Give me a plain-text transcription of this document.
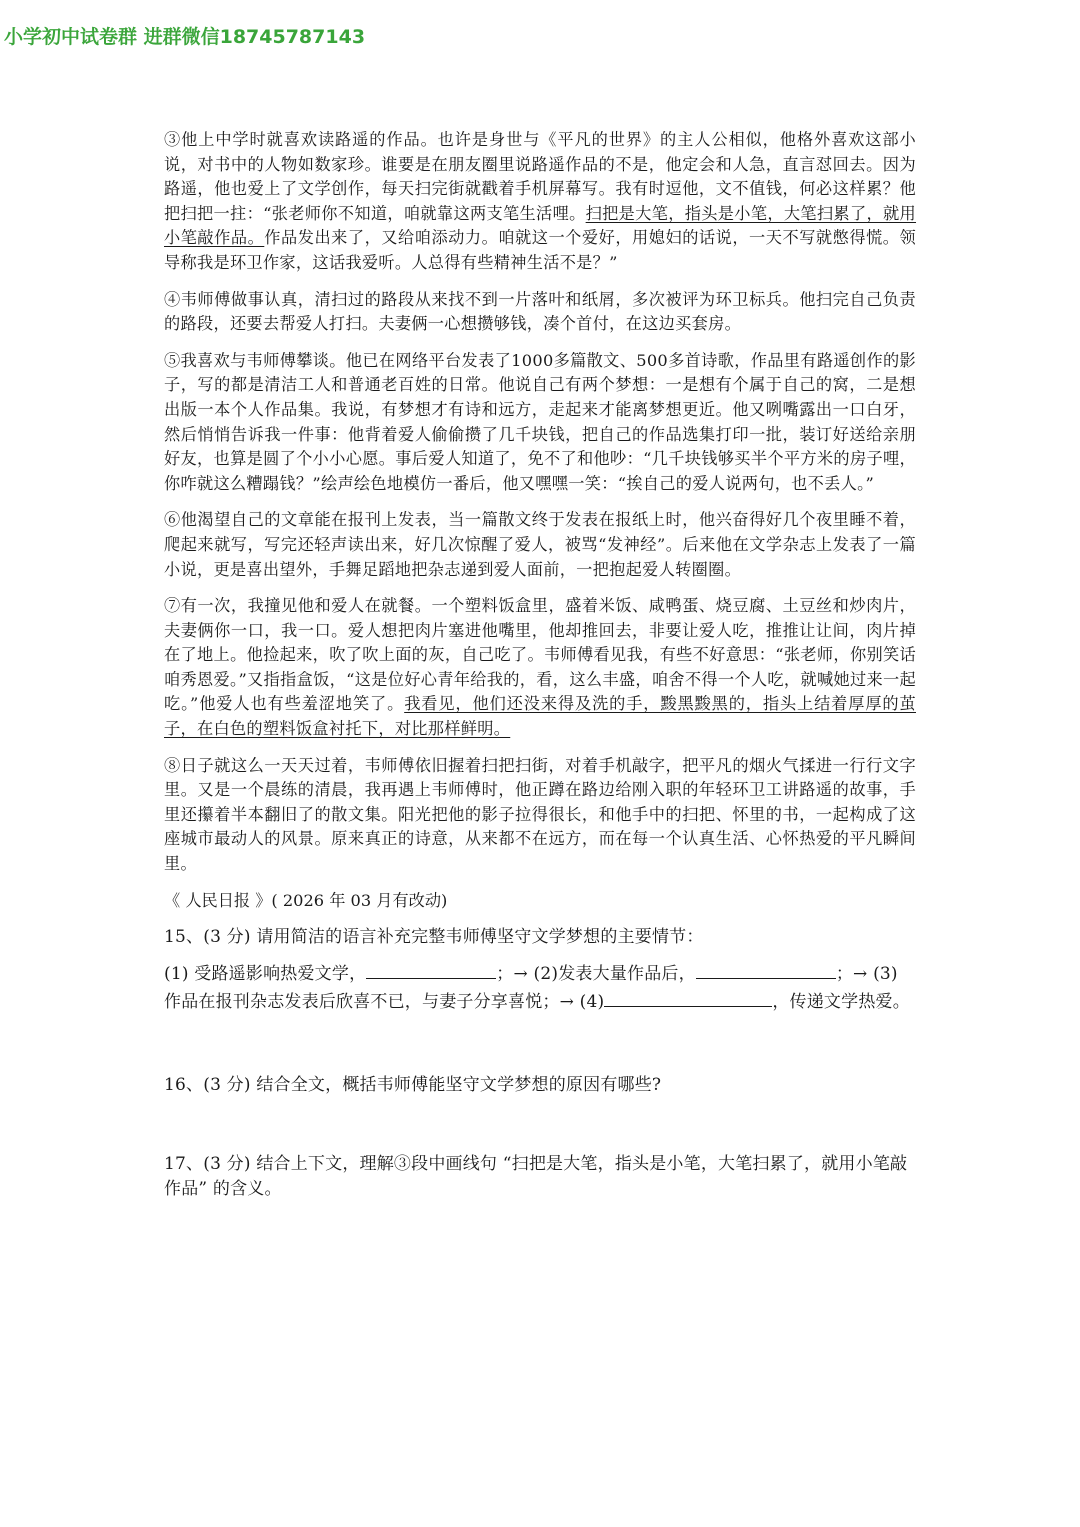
小学初中试卷群 进群微信18745787143

③他上中学时就喜欢读路遥的作品。也许是身世与《平凡的世界》的主人公相似，他格外喜欢这部小说，对书中的人物如数家珍。谁要是在朋友圈里说路遥作品的不是，他定会和人急，直言怼回去。因为路遥，他也爱上了文学创作，每天扫完街就戳着手机屏幕写。我有时逗他，文不值钱，何必这样累？他把扫把一拄：“张老师你不知道，咱就靠这两支笔生活哩。扫把是大笔，指头是小笔，大笔扫累了，就用小笔敲作品。作品发出来了，又给咱添动力。咱就这一个爱好，用媳妇的话说，一天不写就憋得慌。领导称我是环卫作家，这话我爱听。人总得有些精神生活不是？”

④韦师傅做事认真，清扫过的路段从来找不到一片落叶和纸屑，多次被评为环卫标兵。他扫完自己负责的路段，还要去帮爱人打扫。夫妻俩一心想攒够钱，凑个首付，在这边买套房。

⑤我喜欢与韦师傅攀谈。他已在网络平台发表了1000多篇散文、500多首诗歌，作品里有路遥创作的影子，写的都是清洁工人和普通老百姓的日常。他说自己有两个梦想：一是想有个属于自己的窝，二是想出版一本个人作品集。我说，有梦想才有诗和远方，走起来才能离梦想更近。他又咧嘴露出一口白牙，然后悄悄告诉我一件事：他背着爱人偷偷攒了几千块钱，把自己的作品选集打印一批，装订好送给亲朋好友，也算是圆了个小小心愿。事后爱人知道了，免不了和他吵：“几千块钱够买半个平方米的房子哩，你咋就这么糟蹋钱？”绘声绘色地模仿一番后，他又嘿嘿一笑：“挨自己的爱人说两句，也不丢人。”

⑥他渴望自己的文章能在报刊上发表，当一篇散文终于发表在报纸上时，他兴奋得好几个夜里睡不着，爬起来就写，写完还轻声读出来，好几次惊醒了爱人，被骂“发神经”。后来他在文学杂志上发表了一篇小说，更是喜出望外，手舞足蹈地把杂志递到爱人面前，一把抱起爱人转圈圈。

⑦有一次，我撞见他和爱人在就餐。一个塑料饭盒里，盛着米饭、咸鸭蛋、烧豆腐、土豆丝和炒肉片，夫妻俩你一口，我一口。爱人想把肉片塞进他嘴里，他却推回去，非要让爱人吃，推推让让间，肉片掉在了地上。他捡起来，吹了吹上面的灰，自己吃了。韦师傅看见我，有些不好意思：“张老师，你别笑话咱秀恩爱。”又指指盒饭，“这是位好心青年给我的，看，这么丰盛，咱舍不得一个人吃，就喊她过来一起吃。”他爱人也有些羞涩地笑了。我看见，他们还没来得及洗的手，黢黑黢黑的，指头上结着厚厚的茧子，在白色的塑料饭盒衬托下，对比那样鲜明。

⑧日子就这么一天天过着，韦师傅依旧握着扫把扫街，对着手机敲字，把平凡的烟火气揉进一行行文字里。又是一个晨练的清晨，我再遇上韦师傅时，他正蹲在路边给刚入职的年轻环卫工讲路遥的故事，手里还攥着半本翻旧了的散文集。阳光把他的影子拉得很长，和他手中的扫把、怀里的书，一起构成了这座城市最动人的风景。原来真正的诗意，从来都不在远方，而在每一个认真生活、心怀热爱的平凡瞬间里。

《 人民日报 》( 2026 年 03 月有改动)

15、(3 分) 请用简洁的语言补充完整韦师傅坚守文学梦想的主要情节：

(1) 受路遥影响热爱文学，	；→ (2)发表大量作品后，	；→ (3) 作品在报刊杂志发表后欣喜不已，与妻子分享喜悦；→ (4)	，传递文学热爱。

16、(3 分) 结合全文，概括韦师傅能坚守文学梦想的原因有哪些?

17、(3 分) 结合上下文，理解③段中画线句 “扫把是大笔，指头是小笔，大笔扫累了，就用小笔敲作品” 的含义。
